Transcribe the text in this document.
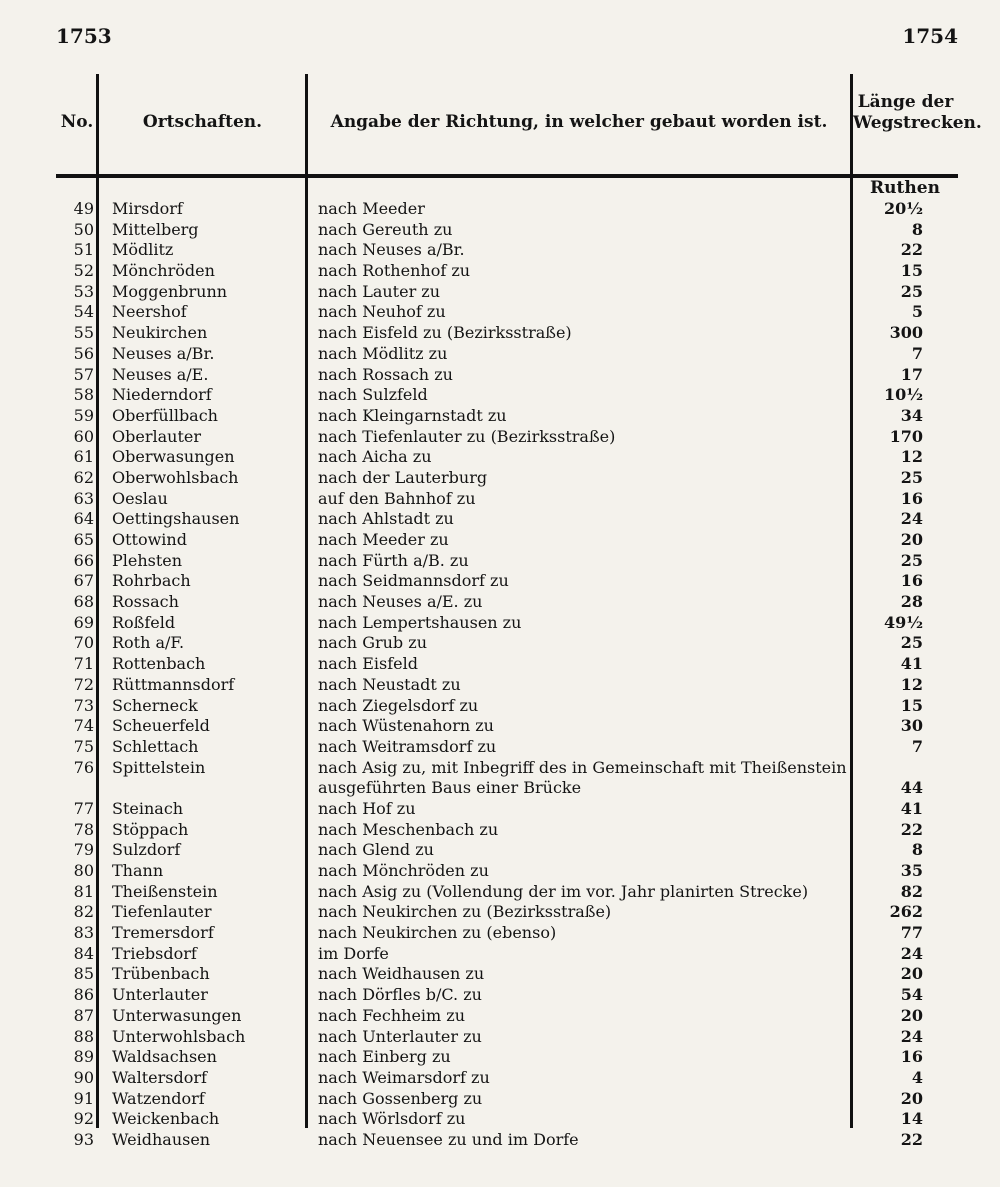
1753	1754
No.	Ortschaften.	Angabe der Richtung, in welcher gebaut worden ist.
Länge der Wegstrecken.
Ruthen
49 Mirsdorf	nach Meeder	20½
50 Mittelberg	nach Gereuth zu	8
51 Mödlitz	nach Neuses a/Br.	22
52 Mönchröden	nach Rothenhof zu	15
53 Moggenbrunn	nach Lauter zu	25
54 Neershof	nach Neuhof zu	5
55 Neukirchen	nach Eisfeld zu (Bezirksstraße)	300
56 Neuses a/Br.	nach Mödlitz zu	7
57 Neuses a/E.	nach Rossach zu	17
58 Niederndorf	nach Sulzfeld	10½
59 Oberfüllbach	nach Kleingarnstadt zu	34
60 Oberlauter	nach Tiefenlauter zu (Bezirksstraße)	170
61 Oberwasungen	nach Aicha zu	12
62 Oberwohlsbach	nach der Lauterburg	25
63 Oeslau	auf den Bahnhof zu	16
64 Oettingshausen	nach Ahlstadt zu	24
65 Ottowind	nach Meeder zu	20
66 Plehsten	nach Fürth a/B. zu	25
67 Rohrbach	nach Seidmannsdorf zu	16
68 Rossach	nach Neuses a/E. zu	28
69 Roßfeld	nach Lempertshausen zu	49½
70 Roth a/F.	nach Grub zu	25
71 Rottenbach	nach Eisfeld	41
72 Rüttmannsdorf	nach Neustadt zu	12
73 Scherneck	nach Ziegelsdorf zu	15
74 Scheuerfeld	nach Wüstenahorn zu	30
75 Schlettach	nach Weitramsdorf zu	7
76 Spittelstein	nach Asig zu, mit Inbegriff des in Gemeinschaft mit Theißenstein ausgeführten Baus einer Brücke	44
77 Steinach	nach Hof zu	41
78 Stöppach	nach Meschenbach zu	22
79 Sulzdorf	nach Glend zu	8
80 Thann	nach Mönchröden zu	35
81 Theißenstein	nach Asig zu (Vollendung der im vor. Jahr planirten Strecke)	82
82 Tiefenlauter	nach Neukirchen zu (Bezirksstraße)	262
83 Tremersdorf	nach Neukirchen zu (ebenso)	77
84 Triebsdorf	im Dorfe	24
85 Trübenbach	nach Weidhausen zu	20
86 Unterlauter	nach Dörfles b/C. zu	54
87 Unterwasungen	nach Fechheim zu	20
88 Unterwohlsbach	nach Unterlauter zu	24
89 Waldsachsen	nach Einberg zu	16
90 Waltersdorf	nach Weimarsdorf zu	4
91 Watzendorf	nach Gossenberg zu	20
92 Weickenbach	nach Wörlsdorf zu	14
93 Weidhausen	nach Neuensee zu und im Dorfe	22
